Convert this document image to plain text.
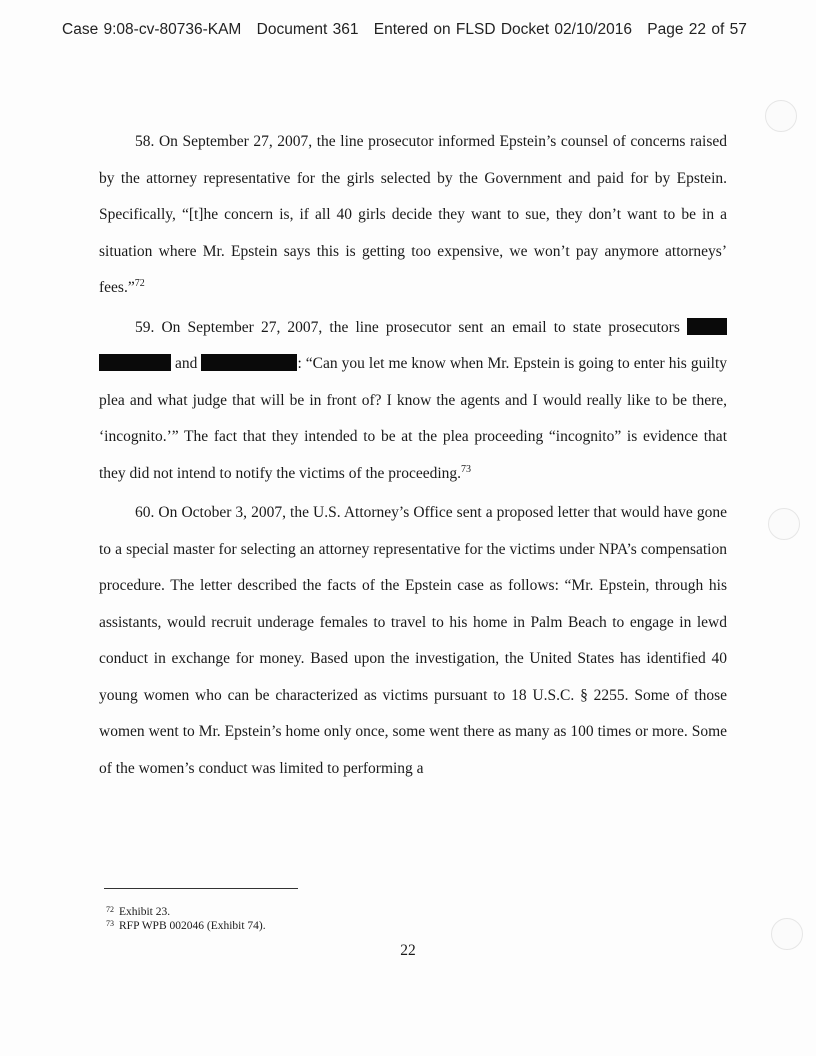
Case 9:08-cv-80736-KAM Document 361 Entered on FLSD Docket 02/10/2016 Page 22 of 57

58. On September 27, 2007, the line prosecutor informed Epstein’s counsel of concerns raised by the attorney representative for the girls selected by the Government and paid for by Epstein. Specifically, “[t]he concern is, if all 40 girls decide they want to sue, they don’t want to be in a situation where Mr. Epstein says this is getting too expensive, we won’t pay anymore attorneys’ fees.”$^{72}$

59. On September 27, 2007, the line prosecutor sent an email to state prosecutors   and	: “Can you let me know when Mr. Epstein is going to enter his guilty plea and what judge that will be in front of? I know the agents and I would really like to be there, ‘incognito.’” The fact that they intended to be at the plea proceeding “incognito” is evidence that they did not intend to notify the victims of the proceeding.$^{73}$

60. On October 3, 2007, the U.S. Attorney’s Office sent a proposed letter that would have gone to a special master for selecting an attorney representative for the victims under NPA’s compensation procedure. The letter described the facts of the Epstein case as follows: “Mr. Epstein, through his assistants, would recruit underage females to travel to his home in Palm Beach to engage in lewd conduct in exchange for money. Based upon the investigation, the United States has identified 40 young women who can be characterized as victims pursuant to 18 U.S.C. § 2255. Some of those women went to Mr. Epstein’s home only once, some went there as many as 100 times or more. Some of the women’s conduct was limited to performing a

$^{72}$ Exhibit 23.
$^{73}$ RFP WPB 002046 (Exhibit 74).
22
